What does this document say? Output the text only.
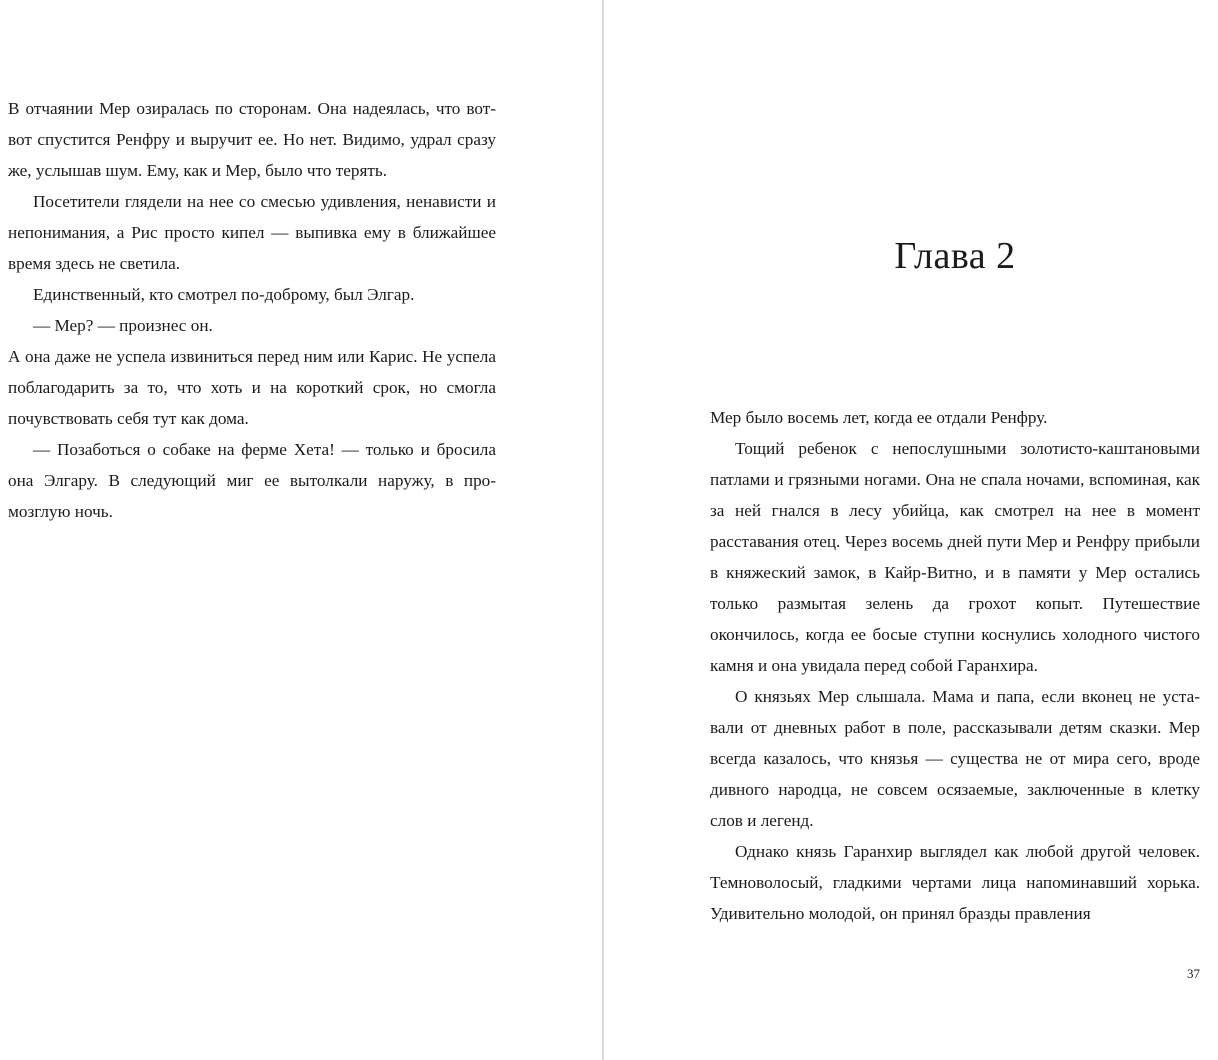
В отчаянии Мер озиралась по сторонам. Она надеялась, что вот-вот спустится Ренфру и выручит ее. Но нет. Видимо, удрал сразу же, услышав шум. Ему, как и Мер, было что терять.

Посетители глядели на нее со смесью удивления, ненависти и непонимания, а Рис просто кипел — выпивка ему в ближайшее время здесь не светила.

Единственный, кто смотрел по-доброму, был Элгар.

— Мер? — произнес он.

А она даже не успела извиниться перед ним или Карис. Не успела поблагодарить за то, что хоть и на короткий срок, но смогла почувствовать себя тут как дома.

— Позаботься о собаке на ферме Хета! — только и бросила она Элгару. В следующий миг ее вытолкали наружу, в промозглую ночь.

Глава 2

Мер было восемь лет, когда ее отдали Ренфру.

Тощий ребенок с непослушными золотисто-каштановыми патлами и грязными ногами. Она не спала ночами, вспоминая, как за ней гнался в лесу убийца, как смотрел на нее в момент расставания отец. Через восемь дней пути Мер и Ренфру прибыли в княжеский замок, в Кайр-Витно, и в памяти у Мер остались только размытая зелень да грохот копыт. Путешествие окончилось, когда ее босые ступни коснулись холодного чистого камня и она увидала перед собой Гаранхира.

О князьях Мер слышала. Мама и папа, если вконец не уставали от дневных работ в поле, рассказывали детям сказки. Мер всегда казалось, что князья — существа не от мира сего, вроде дивного народца, не совсем осязаемые, заключенные в клетку слов и легенд.

Однако князь Гаранхир выглядел как любой другой человек. Темноволосый, гладкими чертами лица напоминавший хорька. Удивительно молодой, он принял бразды правления

37
